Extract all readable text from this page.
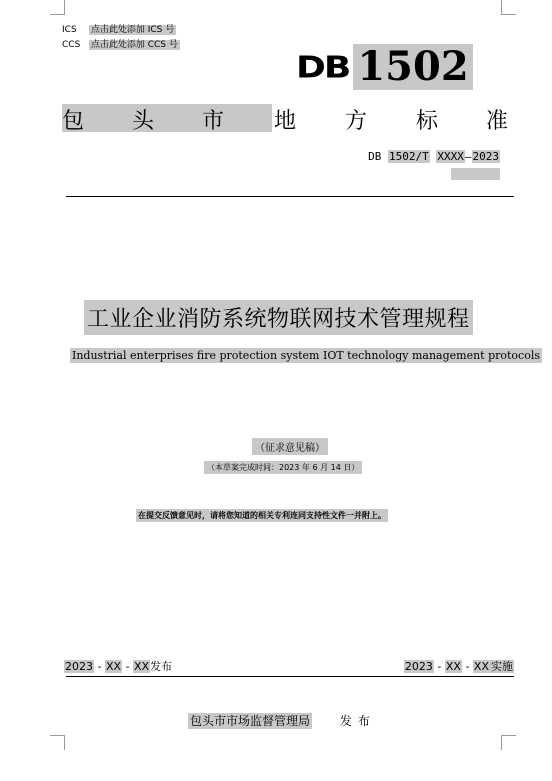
ICS 点击此处添加 ICS 号
CCS 点击此处添加 CCS 号
DB 1502
包 头 市 地 方 标 准
DB 1502/T XXXX—2023
工业企业消防系统物联网技术管理规程
Industrial enterprises fire protection system IOT technology management protocols
（征求意见稿）
（本草案完成时间：2023 年 6 月 14 日）
在提交反馈意见时，请将您知道的相关专利连同支持性文件一并附上。
2023 - XX - XX发布	2023 - XX - XX 实施
包头市市场监督管理局 发布
